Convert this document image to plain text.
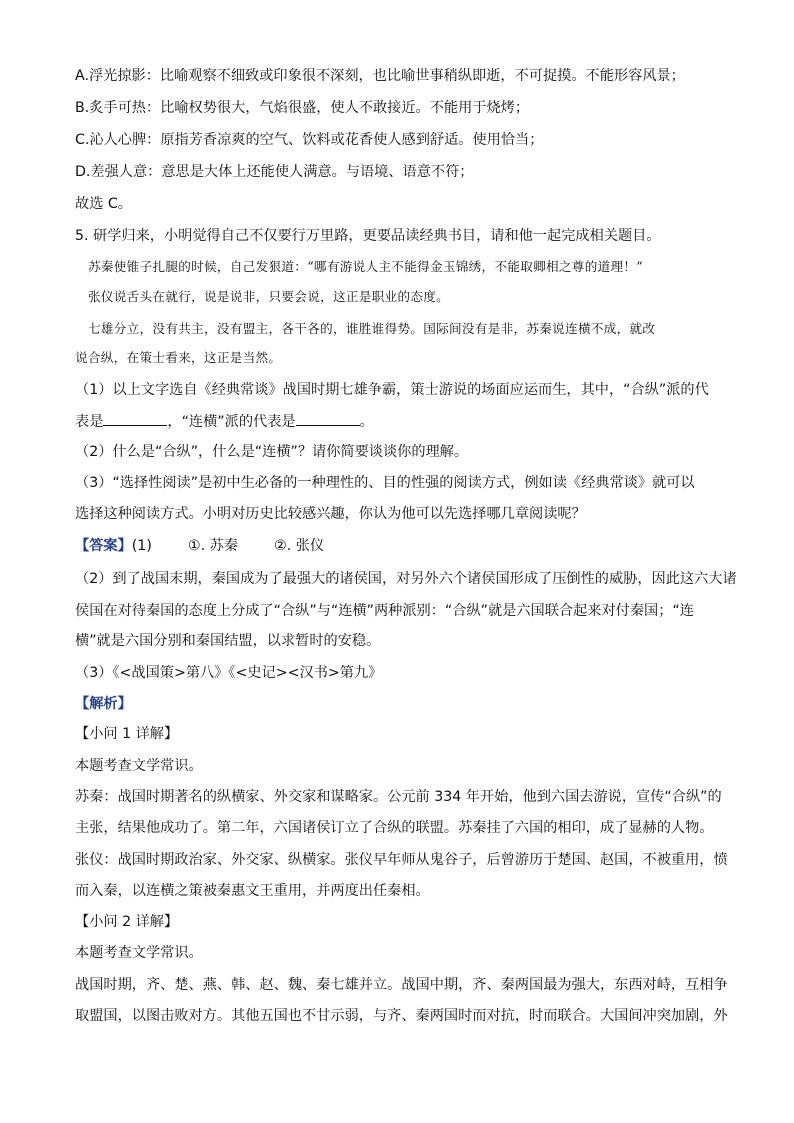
A.浮光掠影：比喻观察不细致或印象很不深刻，也比喻世事稍纵即逝，不可捉摸。不能形容风景；
B.炙手可热：比喻权势很大，气焰很盛，使人不敢接近。不能用于烧烤；
C.沁人心脾：原指芳香凉爽的空气、饮料或花香使人感到舒适。使用恰当；
D.差强人意：意思是大体上还能使人满意。与语境、语意不符；
故选 C。
5. 研学归来，小明觉得自己不仅要行万里路，更要品读经典书目，请和他一起完成相关题目。
苏秦使锥子扎腿的时候，自己发狠道：“哪有游说人主不能得金玉锦绣，不能取卿相之尊的道理！”
张仪说舌头在就行，说是说非，只要会说，这正是职业的态度。
七雄分立，没有共主，没有盟主，各干各的，谁胜谁得势。国际间没有是非，苏秦说连横不成，就改
说合纵，在策士看来，这正是当然。
（1）以上文字选自《经典常谈》战国时期七雄争霸，策士游说的场面应运而生，其中，“合纵”派的代
表是	，“连横”派的代表是	。
（2）什么是“合纵”，什么是“连横”？请你简要谈谈你的理解。
（3）“选择性阅读”是初中生必备的一种理性的、目的性强的阅读方式，例如读《经典常谈》就可以
选择这种阅读方式。小明对历史比较感兴趣，你认为他可以先选择哪几章阅读呢？
【答案】(1)	①. 苏秦	②. 张仪
（2）到了战国末期，秦国成为了最强大的诸侯国，对另外六个诸侯国形成了压倒性的威胁，因此这六大诸
侯国在对待秦国的态度上分成了“合纵”与“连横”两种派别：“合纵”就是六国联合起来对付秦国；“连
横”就是六国分别和秦国结盟，以求暂时的安稳。
（3）《<战国策>第八》《<史记><汉书>第九》
【解析】
【小问 1 详解】
本题考查文学常识。
苏秦：战国时期著名的纵横家、外交家和谋略家。公元前 334 年开始，他到六国去游说，宣传“合纵”的
主张，结果他成功了。第二年，六国诸侯订立了合纵的联盟。苏秦挂了六国的相印，成了显赫的人物。
张仪：战国时期政治家、外交家、纵横家。张仪早年师从鬼谷子，后曾游历于楚国、赵国，不被重用，愤
而入秦，以连横之策被秦惠文王重用，并两度出任秦相。
【小问 2 详解】
本题考查文学常识。
战国时期，齐、楚、燕、韩、赵、魏、秦七雄并立。战国中期，齐、秦两国最为强大，东西对峙，互相争
取盟国，以图击败对方。其他五国也不甘示弱，与齐、秦两国时而对抗，时而联合。大国间冲突加剧，外
